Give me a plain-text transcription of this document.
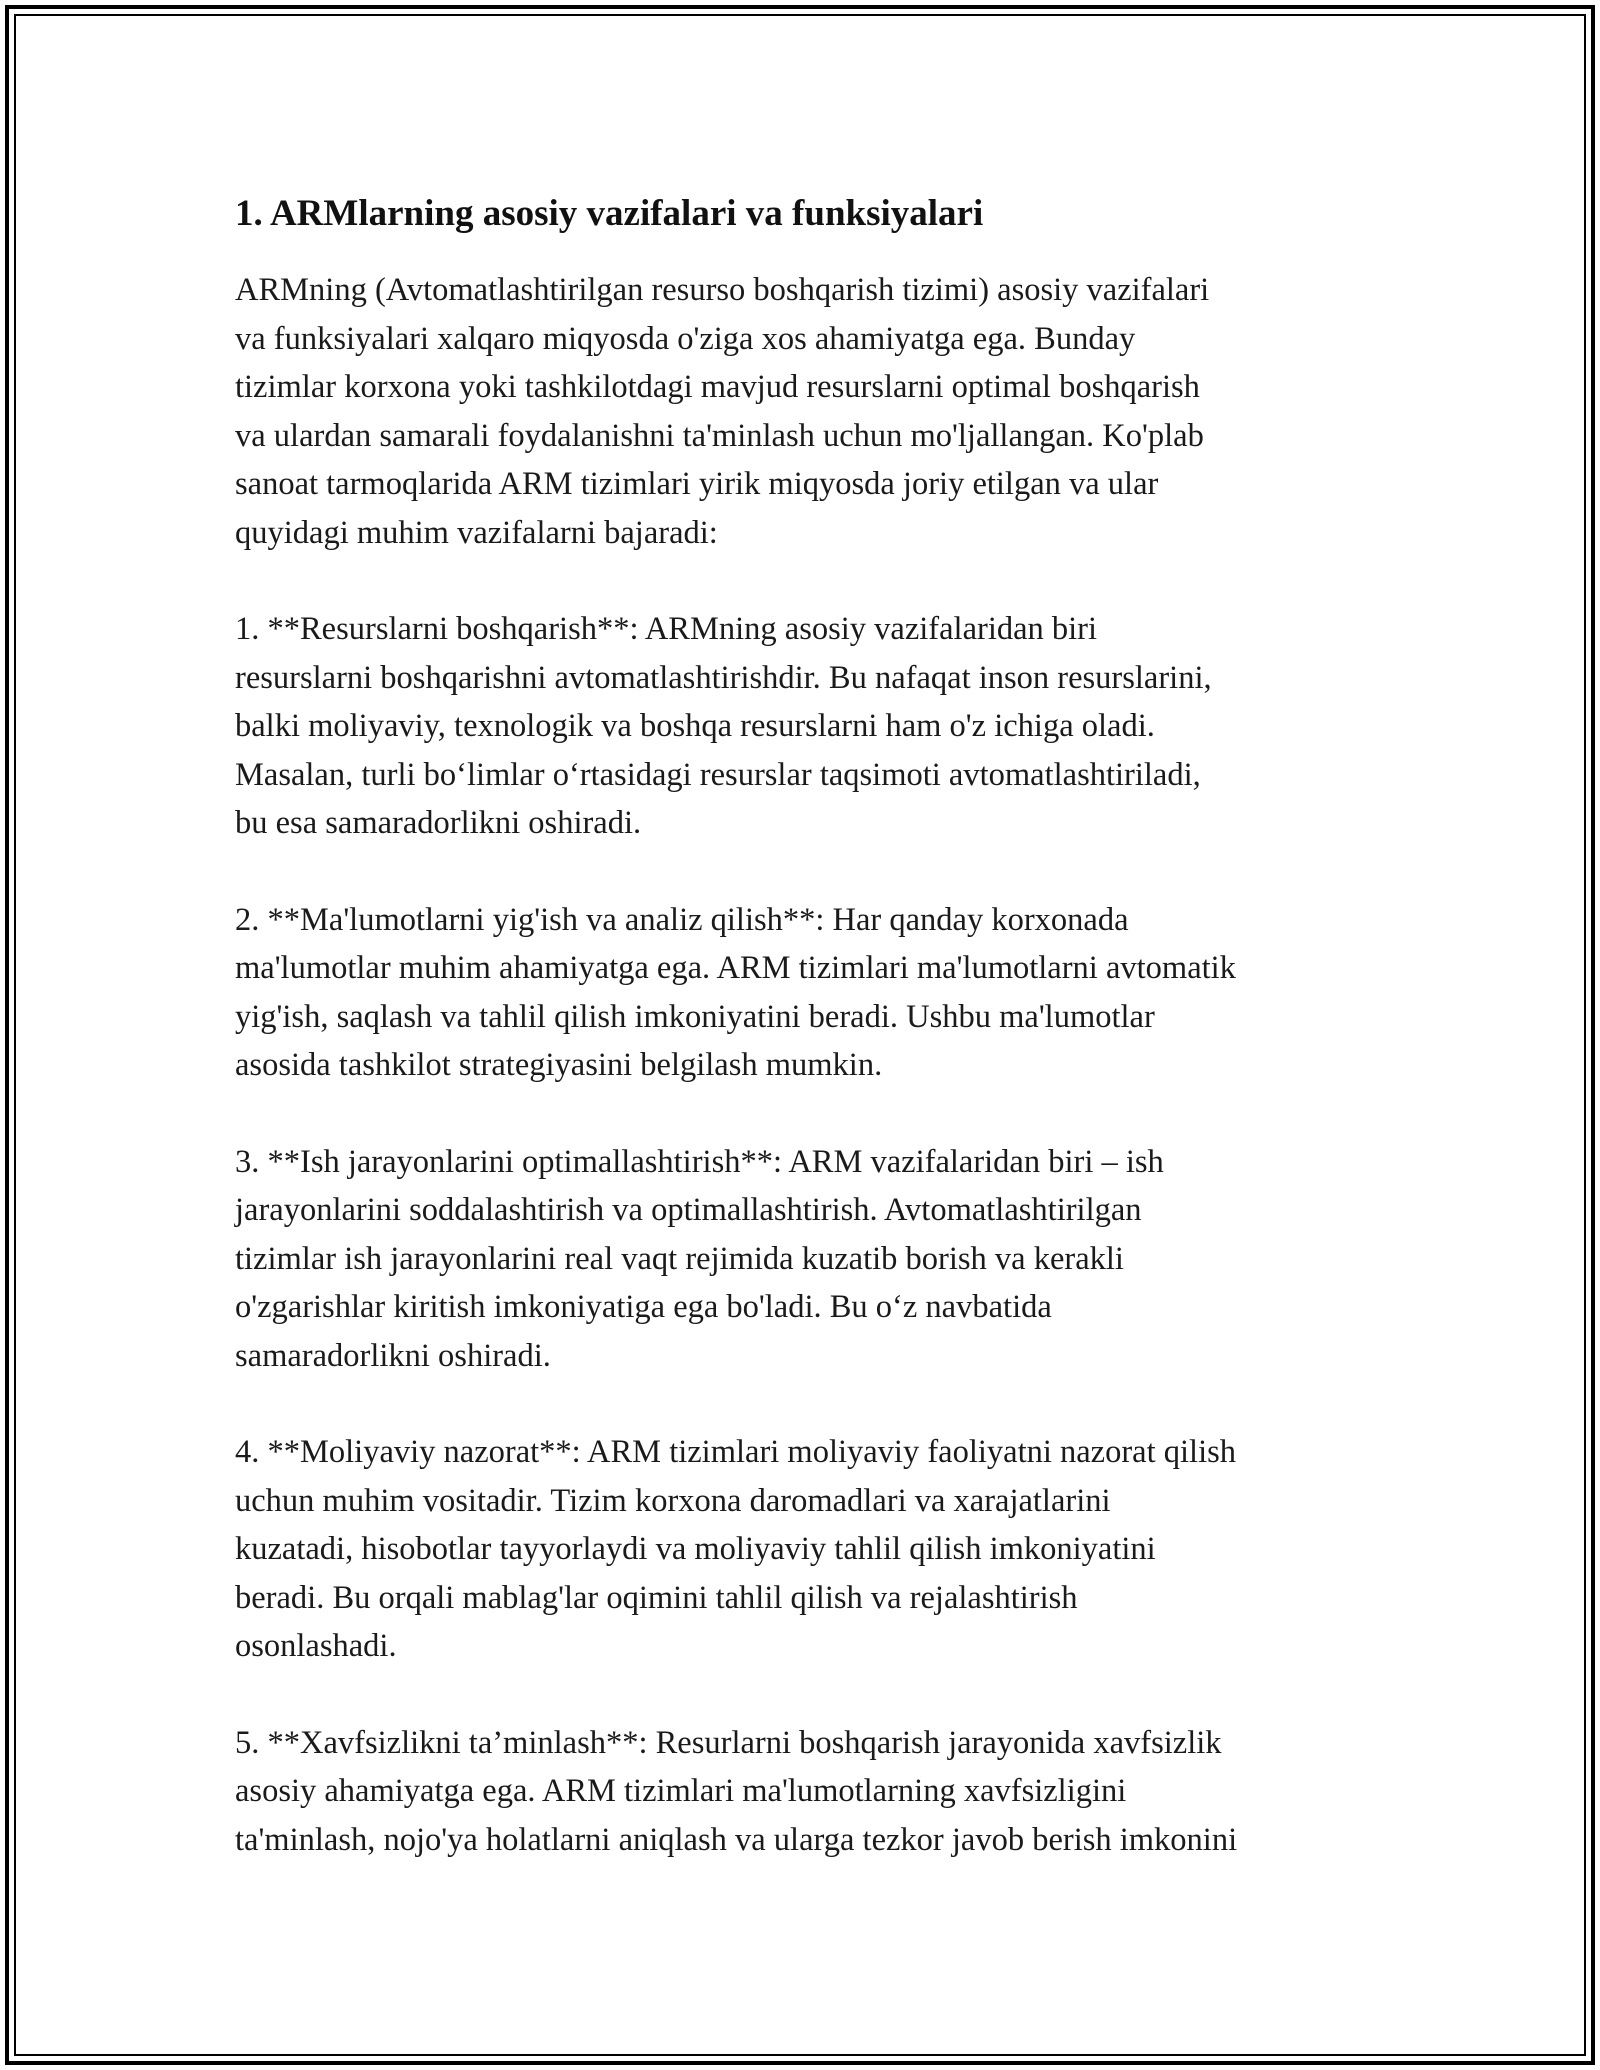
1. ARMlarning asosiy vazifalari va funksiyalari

ARMning (Avtomatlashtirilgan resurso boshqarish tizimi) asosiy vazifalari
va funksiyalari xalqaro miqyosda o'ziga xos ahamiyatga ega. Bunday
tizimlar korxona yoki tashkilotdagi mavjud resurslarni optimal boshqarish
va ulardan samarali foydalanishni ta'minlash uchun mo'ljallangan. Ko'plab
sanoat tarmoqlarida ARM tizimlari yirik miqyosda joriy etilgan va ular
quyidagi muhim vazifalarni bajaradi:

1. **Resurslarni boshqarish**: ARMning asosiy vazifalaridan biri
resurslarni boshqarishni avtomatlashtirishdir. Bu nafaqat inson resurslarini,
balki moliyaviy, texnologik va boshqa resurslarni ham o'z ichiga oladi.
Masalan, turli bo‘limlar o‘rtasidagi resurslar taqsimoti avtomatlashtiriladi,
bu esa samaradorlikni oshiradi.

2. **Ma'lumotlarni yig'ish va analiz qilish**: Har qanday korxonada
ma'lumotlar muhim ahamiyatga ega. ARM tizimlari ma'lumotlarni avtomatik
yig'ish, saqlash va tahlil qilish imkoniyatini beradi. Ushbu ma'lumotlar
asosida tashkilot strategiyasini belgilash mumkin.

3. **Ish jarayonlarini optimallashtirish**: ARM vazifalaridan biri – ish
jarayonlarini soddalashtirish va optimallashtirish. Avtomatlashtirilgan
tizimlar ish jarayonlarini real vaqt rejimida kuzatib borish va kerakli
o'zgarishlar kiritish imkoniyatiga ega bo'ladi. Bu o‘z navbatida
samaradorlikni oshiradi.

4. **Moliyaviy nazorat**: ARM tizimlari moliyaviy faoliyatni nazorat qilish
uchun muhim vositadir. Tizim korxona daromadlari va xarajatlarini
kuzatadi, hisobotlar tayyorlaydi va moliyaviy tahlil qilish imkoniyatini
beradi. Bu orqali mablag'lar oqimini tahlil qilish va rejalashtirish
osonlashadi.

5. **Xavfsizlikni ta’minlash**: Resurlarni boshqarish jarayonida xavfsizlik
asosiy ahamiyatga ega. ARM tizimlari ma'lumotlarning xavfsizligini
ta'minlash, nojo'ya holatlarni aniqlash va ularga tezkor javob berish imkonini
